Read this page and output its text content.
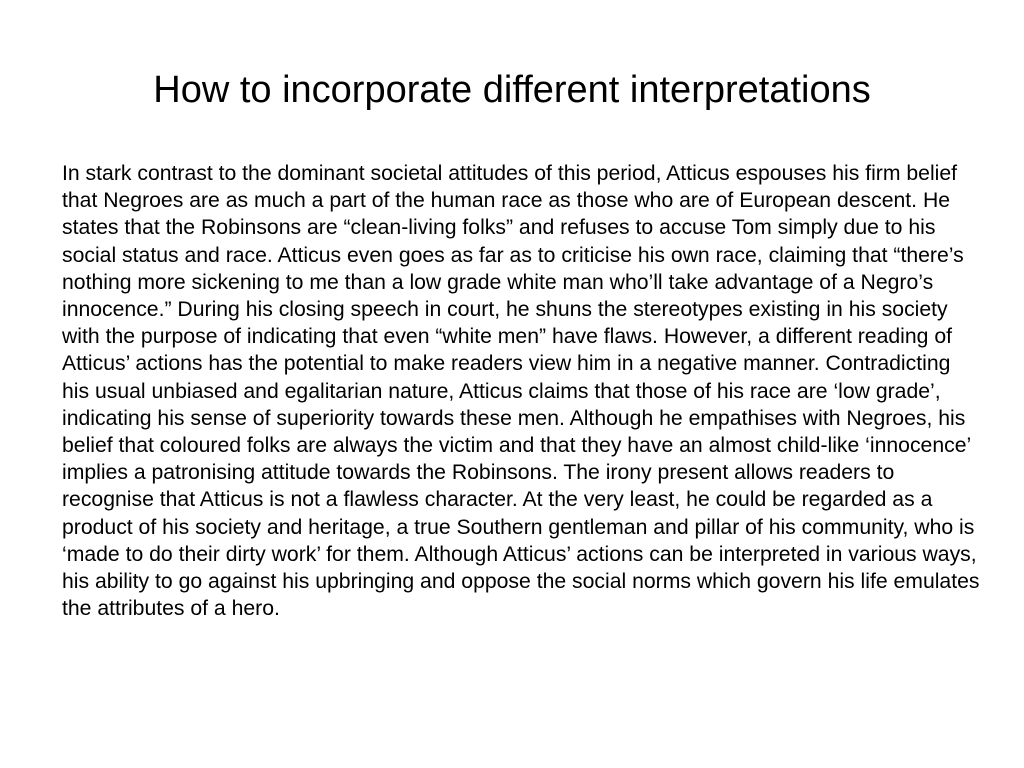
How to incorporate different interpretations

In stark contrast to the dominant societal attitudes of this period, Atticus espouses his firm belief that Negroes are as much a part of the human race as those who are of European descent. He states that the Robinsons are “clean-living folks” and refuses to accuse Tom simply due to his social status and race. Atticus even goes as far as to criticise his own race, claiming that “there’s nothing more sickening to me than a low grade white man who’ll take advantage of a Negro’s innocence.” During his closing speech in court, he shuns the stereotypes existing in his society with the purpose of indicating that even “white men” have flaws. However, a different reading of Atticus’ actions has the potential to make readers view him in a negative manner. Contradicting his usual unbiased and egalitarian nature, Atticus claims that those of his race are ‘low grade’, indicating his sense of superiority towards these men. Although he empathises with Negroes, his belief that coloured folks are always the victim and that they have an almost child-like ‘innocence’ implies a patronising attitude towards the Robinsons. The irony present allows readers to recognise that Atticus is not a flawless character. At the very least, he could be regarded as a product of his society and heritage, a true Southern gentleman and pillar of his community, who is ‘made to do their dirty work’ for them. Although Atticus’ actions can be interpreted in various ways, his ability to go against his upbringing and oppose the social norms which govern his life emulates the attributes of a hero.
